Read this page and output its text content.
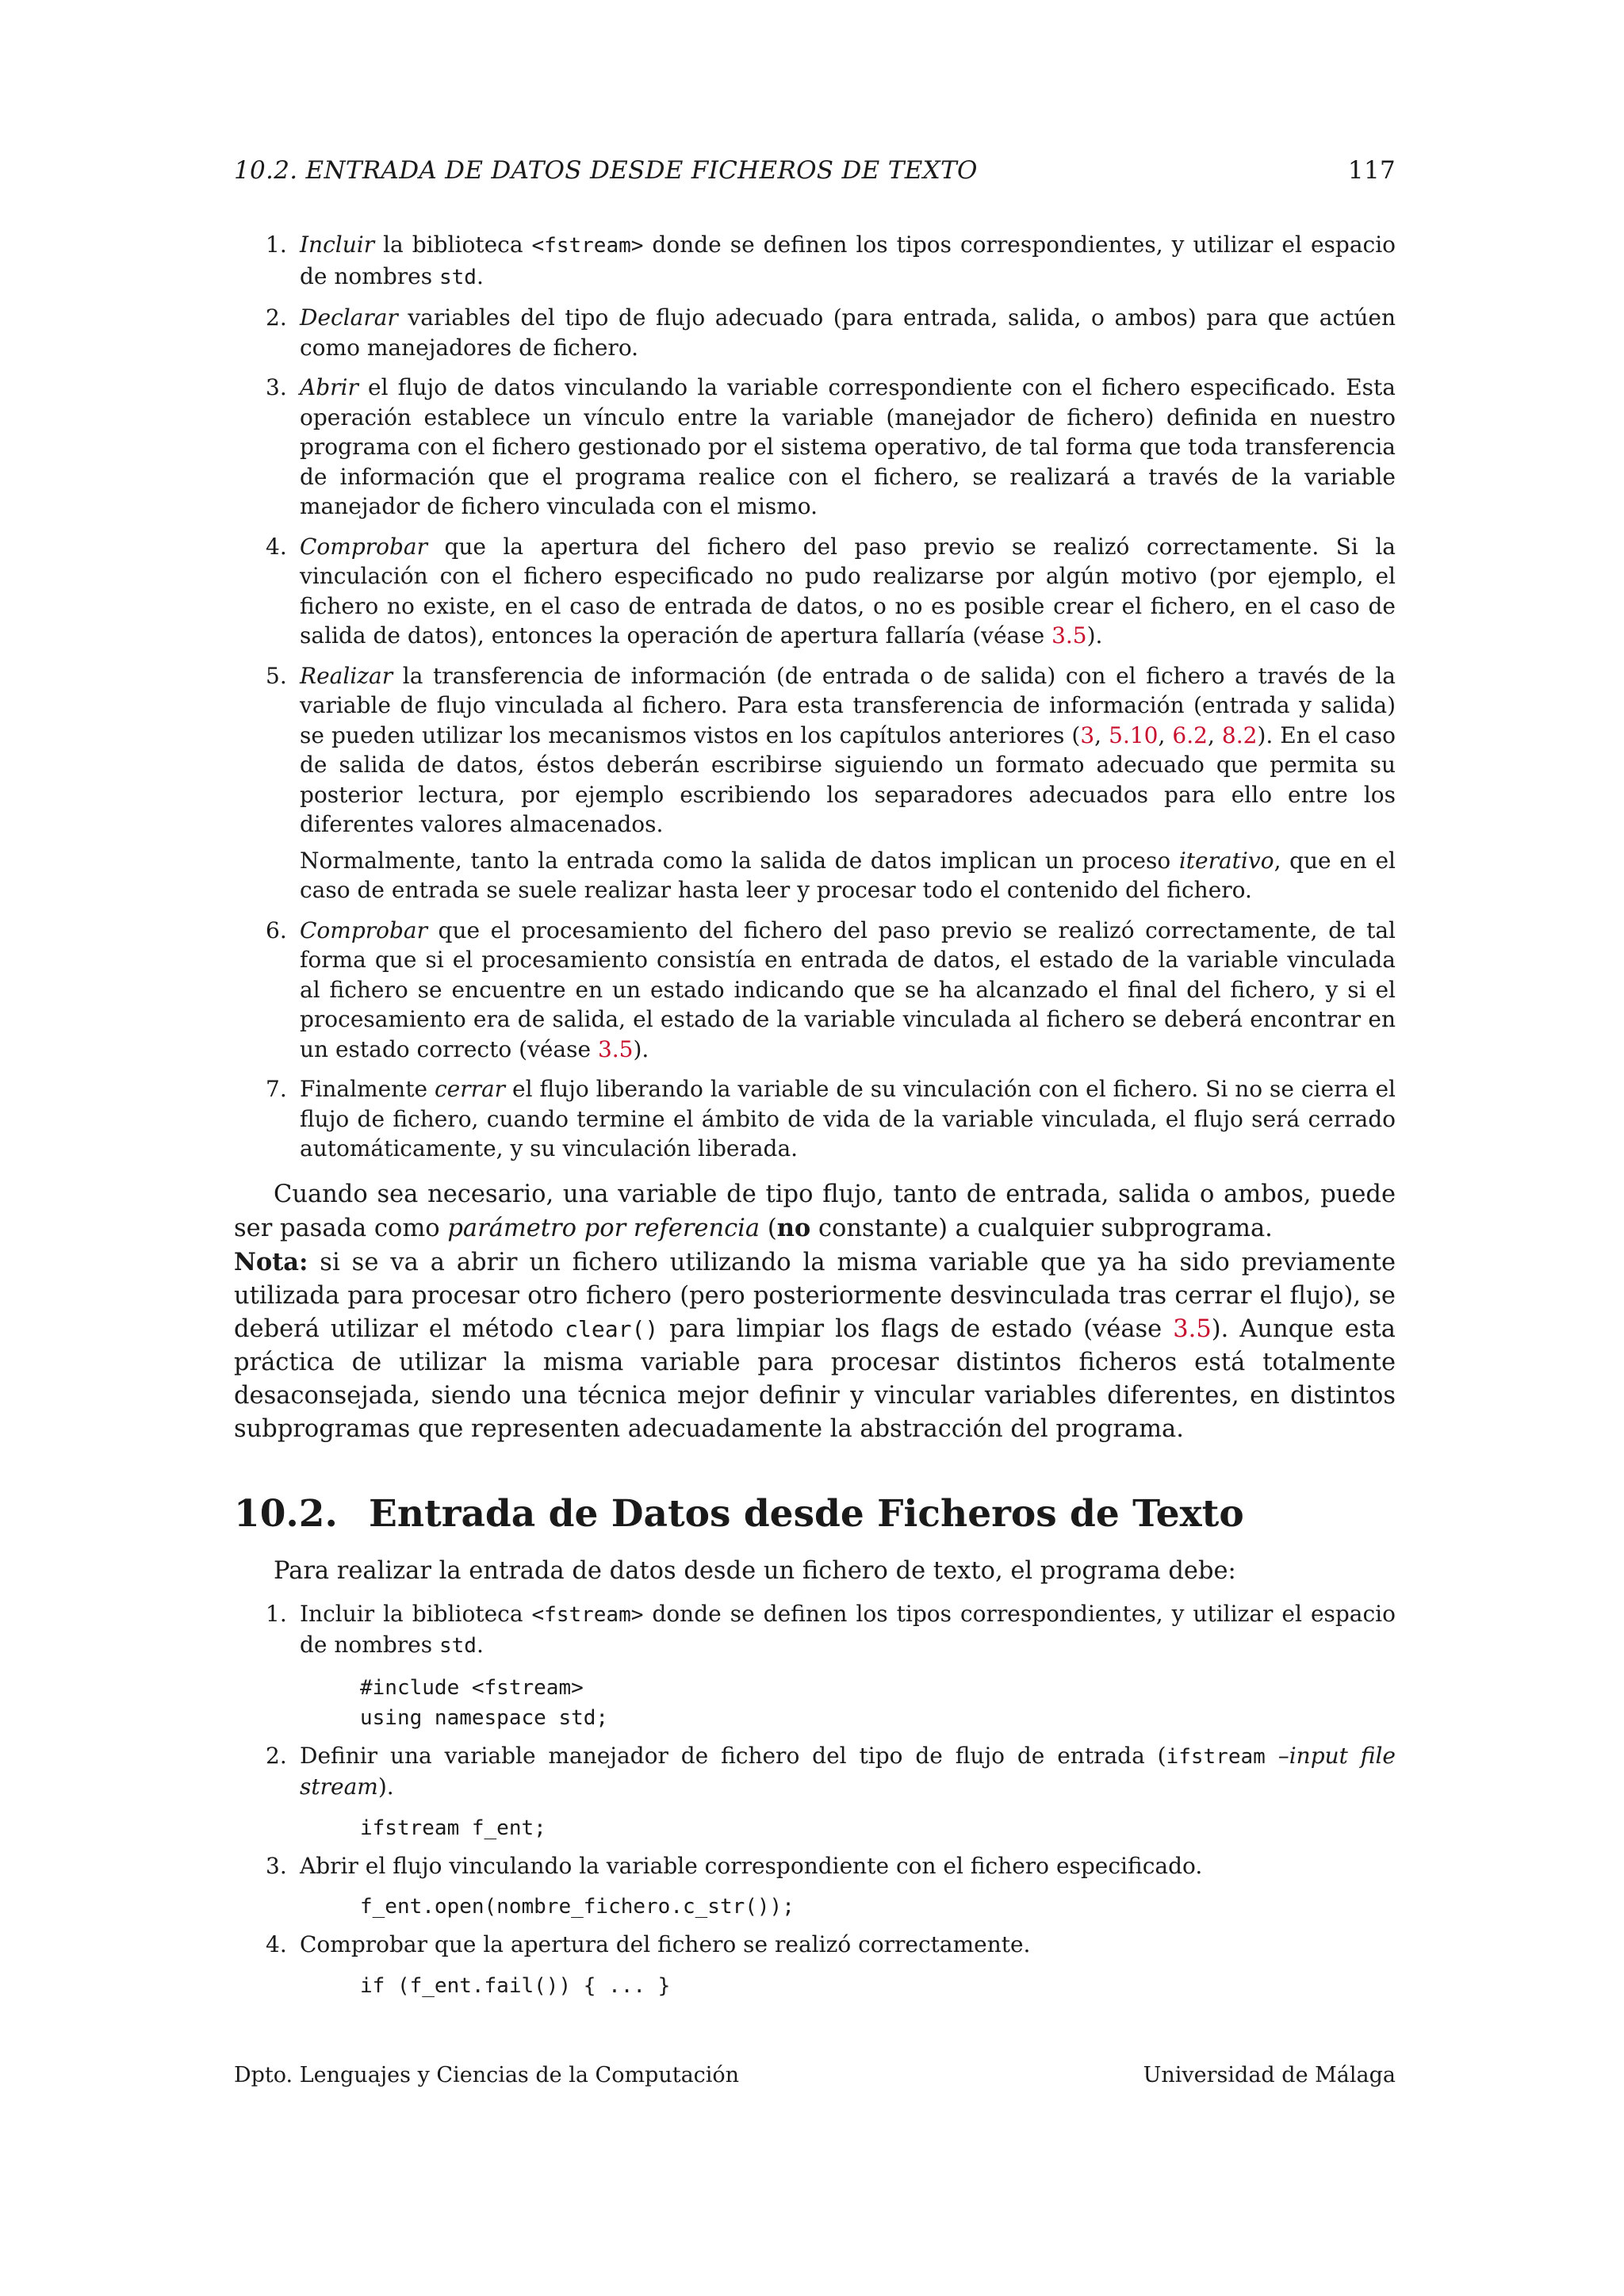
10.2. ENTRADA DE DATOS DESDE FICHEROS DE TEXTO	117
1. Incluir la biblioteca <fstream> donde se definen los tipos correspondientes, y utilizar el espacio de nombres std.

2. Declarar variables del tipo de flujo adecuado (para entrada, salida, o ambos) para que actúen como manejadores de fichero.

3. Abrir el flujo de datos vinculando la variable correspondiente con el fichero especificado. Esta operación establece un vínculo entre la variable (manejador de fichero) definida en nuestro programa con el fichero gestionado por el sistema operativo, de tal forma que toda transferencia de información que el programa realice con el fichero, se realizará a través de la variable manejador de fichero vinculada con el mismo.

4. Comprobar que la apertura del fichero del paso previo se realizó correctamente. Si la vinculación con el fichero especificado no pudo realizarse por algún motivo (por ejemplo, el fichero no existe, en el caso de entrada de datos, o no es posible crear el fichero, en el caso de salida de datos), entonces la operación de apertura fallaría (véase 3.5).

5. Realizar la transferencia de información (de entrada o de salida) con el fichero a través de la variable de flujo vinculada al fichero. Para esta transferencia de información (entrada y salida) se pueden utilizar los mecanismos vistos en los capítulos anteriores (3, 5.10, 6.2, 8.2). En el caso de salida de datos, éstos deberán escribirse siguiendo un formato adecuado que permita su posterior lectura, por ejemplo escribiendo los separadores adecuados para ello entre los diferentes valores almacenados.

Normalmente, tanto la entrada como la salida de datos implican un proceso iterativo, que en el caso de entrada se suele realizar hasta leer y procesar todo el contenido del fichero.

6. Comprobar que el procesamiento del fichero del paso previo se realizó correctamente, de tal forma que si el procesamiento consistía en entrada de datos, el estado de la variable vinculada al fichero se encuentre en un estado indicando que se ha alcanzado el final del fichero, y si el procesamiento era de salida, el estado de la variable vinculada al fichero se deberá encontrar en un estado correcto (véase 3.5).

7. Finalmente cerrar el flujo liberando la variable de su vinculación con el fichero. Si no se cierra el flujo de fichero, cuando termine el ámbito de vida de la variable vinculada, el flujo será cerrado automáticamente, y su vinculación liberada.

Cuando sea necesario, una variable de tipo flujo, tanto de entrada, salida o ambos, puede ser pasada como parámetro por referencia (no constante) a cualquier subprograma.

Nota: si se va a abrir un fichero utilizando la misma variable que ya ha sido previamente utilizada para procesar otro fichero (pero posteriormente desvinculada tras cerrar el flujo), se deberá utilizar el método clear() para limpiar los flags de estado (véase 3.5). Aunque esta práctica de utilizar la misma variable para procesar distintos ficheros está totalmente desaconsejada, siendo una técnica mejor definir y vincular variables diferentes, en distintos subprogramas que representen adecuadamente la abstracción del programa.

10.2. Entrada de Datos desde Ficheros de Texto

Para realizar la entrada de datos desde un fichero de texto, el programa debe:

1. Incluir la biblioteca <fstream> donde se definen los tipos correspondientes, y utilizar el espacio de nombres std.

#include <fstream>
using namespace std;
2. Definir una variable manejador de fichero del tipo de flujo de entrada (ifstream –input file stream).

ifstream f_ent;
3. Abrir el flujo vinculando la variable correspondiente con el fichero especificado.

f_ent.open(nombre_fichero.c_str());
4. Comprobar que la apertura del fichero se realizó correctamente.

if (f_ent.fail()) { ... }
Dpto. Lenguajes y Ciencias de la Computación	Universidad de Málaga
